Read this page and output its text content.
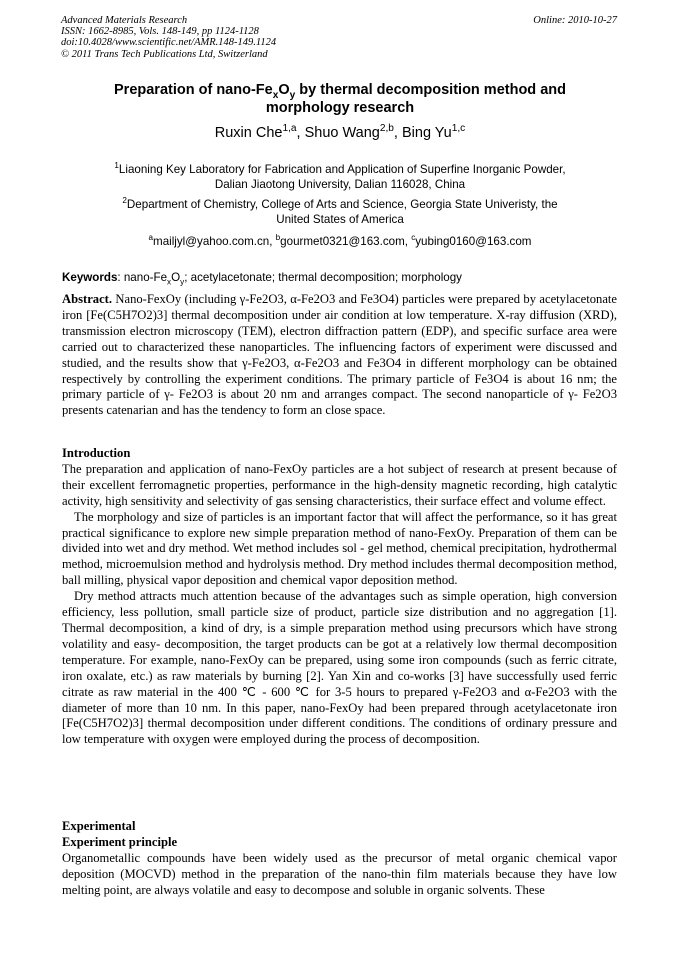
Advanced Materials Research
ISSN: 1662-8985, Vols. 148-149, pp 1124-1128
doi:10.4028/www.scientific.net/AMR.148-149.1124
© 2011 Trans Tech Publications Ltd, Switzerland
Online: 2010-10-27
Preparation of nano-$Fe_xO_y$ by thermal decomposition method and
morphology research
Ruxin Che$^{1,a}$, Shuo Wang$^{2,b}$, Bing Yu$^{1,c}$
$^1$Liaoning Key Laboratory for Fabrication and Application of Superfine Inorganic Powder,
Dalian Jiaotong University, Dalian 116028, China
$^2$Department of Chemistry, College of Arts and Science, Georgia State Univeristy, the
United States of America
$^a$mailjyl@yahoo.com.cn, $^b$gourmet0321@163.com, $^c$yubing0160@163.com
Keywords: nano-$Fe_xO_y$; acetylacetonate; thermal decomposition; morphology

Abstract. Nano-FexOy (including γ-Fe2O3, α-Fe2O3 and Fe3O4) particles were prepared by acetylacetonate iron [Fe(C5H7O2)3] thermal decomposition under air condition at low temperature. X-ray diffusion (XRD), transmission electron microscopy (TEM), electron diffraction pattern (EDP), and specific surface area were carried out to characterized these nanoparticles. The influencing factors of experiment were discussed and studied, and the results show that γ-Fe2O3, α-Fe2O3 and Fe3O4 in different morphology can be obtained respectively by controlling the experiment conditions. The primary particle of Fe3O4 is about 16 nm; the primary particle of γ- Fe2O3 is about 20 nm and arranges compact. The second nanoparticle of γ- Fe2O3 presents catenarian and has the tendency to form an close space.

Introduction

The preparation and application of nano-FexOy particles are a hot subject of research at present because of their excellent ferromagnetic properties, performance in the high-density magnetic recording, high catalytic activity, high sensitivity and selectivity of gas sensing characteristics, their surface effect and volume effect.

The morphology and size of particles is an important factor that will affect the performance, so it has great practical significance to explore new simple preparation method of nano-FexOy. Preparation of them can be divided into wet and dry method. Wet method includes sol - gel method, chemical precipitation, hydrothermal method, microemulsion method and hydrolysis method. Dry method includes thermal decomposition method, ball milling, physical vapor deposition and chemical vapor deposition method.

Dry method attracts much attention because of the advantages such as simple operation, high conversion efficiency, less pollution, small particle size of product, particle size distribution and no aggregation [1]. Thermal decomposition, a kind of dry, is a simple preparation method using precursors which have strong volatility and easy- decomposition, the target products can be got at a relatively low thermal decomposition temperature. For example, nano-FexOy can be prepared, using some iron compounds (such as ferric citrate, iron oxalate, etc.) as raw materials by burning [2]. Yan Xin and co-works [3] have successfully used ferric citrate as raw material in the 400 ℃ - 600 ℃ for 3-5 hours to prepared γ-Fe2O3 and α-Fe2O3 with the diameter of more than 10 nm. In this paper, nano-FexOy had been prepared through acetylacetonate iron [Fe(C5H7O2)3] thermal decomposition under different conditions. The conditions of ordinary pressure and low temperature with oxygen were employed during the process of decomposition.

Experimental
Experiment principle

Organometallic compounds have been widely used as the precursor of metal organic chemical vapor deposition (MOCVD) method in the preparation of the nano-thin film materials because they have low melting point, are always volatile and easy to decompose and soluble in organic solvents. These
